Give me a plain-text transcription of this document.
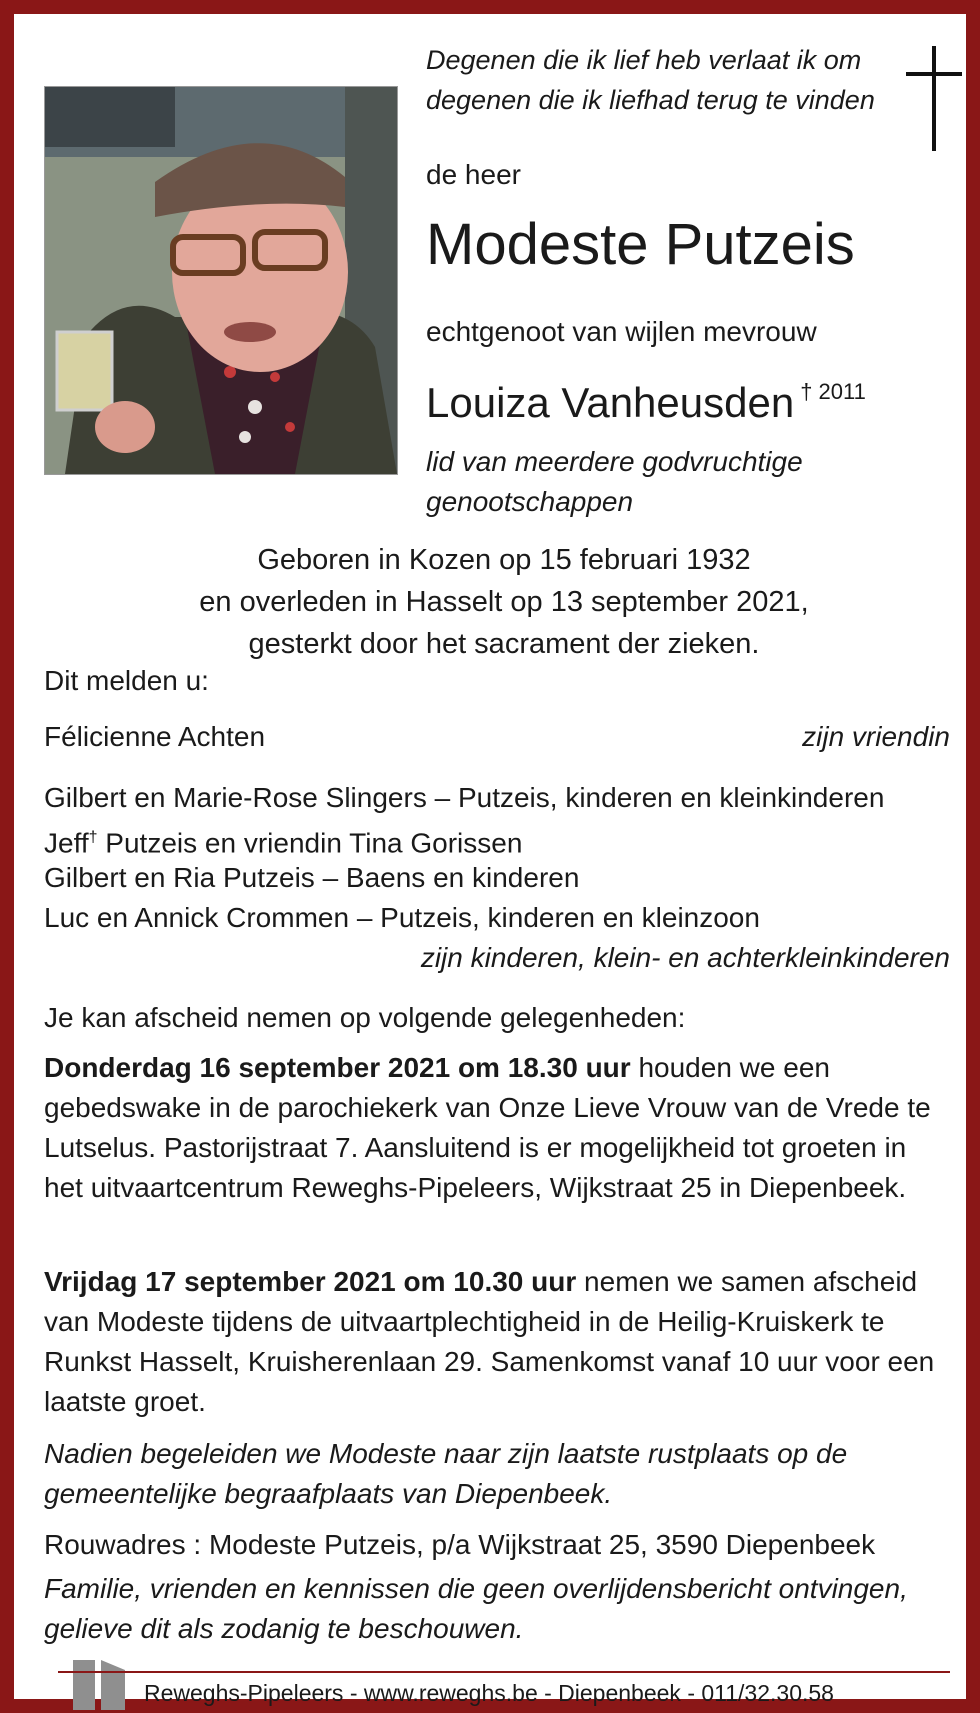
Degenen die ik lief heb verlaat ik om
degenen die ik liefhad terug te vinden
de heer
Modeste Putzeis
echtgenoot van wijlen mevrouw
Louiza Vanheusden $^{\dagger 2011}$
lid van meerdere godvruchtige
genootschappen
Geboren in Kozen op 15 februari 1932
en overleden in Hasselt op 13 september 2021,
gesterkt door het sacrament der zieken.
Dit melden u:
Félicienne Achten	zijn vriendin
Gilbert en Marie-Rose Slingers – Putzeis, kinderen en kleinkinderen
Jeff† Putzeis en vriendin Tina Gorissen
Gilbert en Ria Putzeis – Baens en kinderen
Luc en Annick Crommen – Putzeis, kinderen en kleinzoon
zijn kinderen, klein- en achterkleinkinderen
Je kan afscheid nemen op volgende gelegenheden:
Donderdag 16 september 2021 om 18.30 uur houden we een gebedswake in de parochiekerk van Onze Lieve Vrouw van de Vrede te Lutselus. Pastorijstraat 7. Aansluitend is er mogelijkheid tot groeten in het uitvaartcentrum Reweghs-Pipeleers, Wijkstraat 25 in Diepenbeek.
Vrijdag 17 september 2021 om 10.30 uur nemen we samen afscheid van Modeste tijdens de uitvaartplechtigheid in de Heilig-Kruiskerk te Runkst Hasselt, Kruisherenlaan 29. Samenkomst vanaf 10 uur voor een laatste groet.
Nadien begeleiden we Modeste naar zijn laatste rustplaats op de gemeentelijke begraafplaats van Diepenbeek.
Rouwadres : Modeste Putzeis, p/a Wijkstraat 25, 3590 Diepenbeek
Familie, vrienden en kennissen die geen overlijdensbericht ontvingen, gelieve dit als zodanig te beschouwen.
Reweghs-Pipeleers - www.reweghs.be - Diepenbeek - 011/32.30.58
